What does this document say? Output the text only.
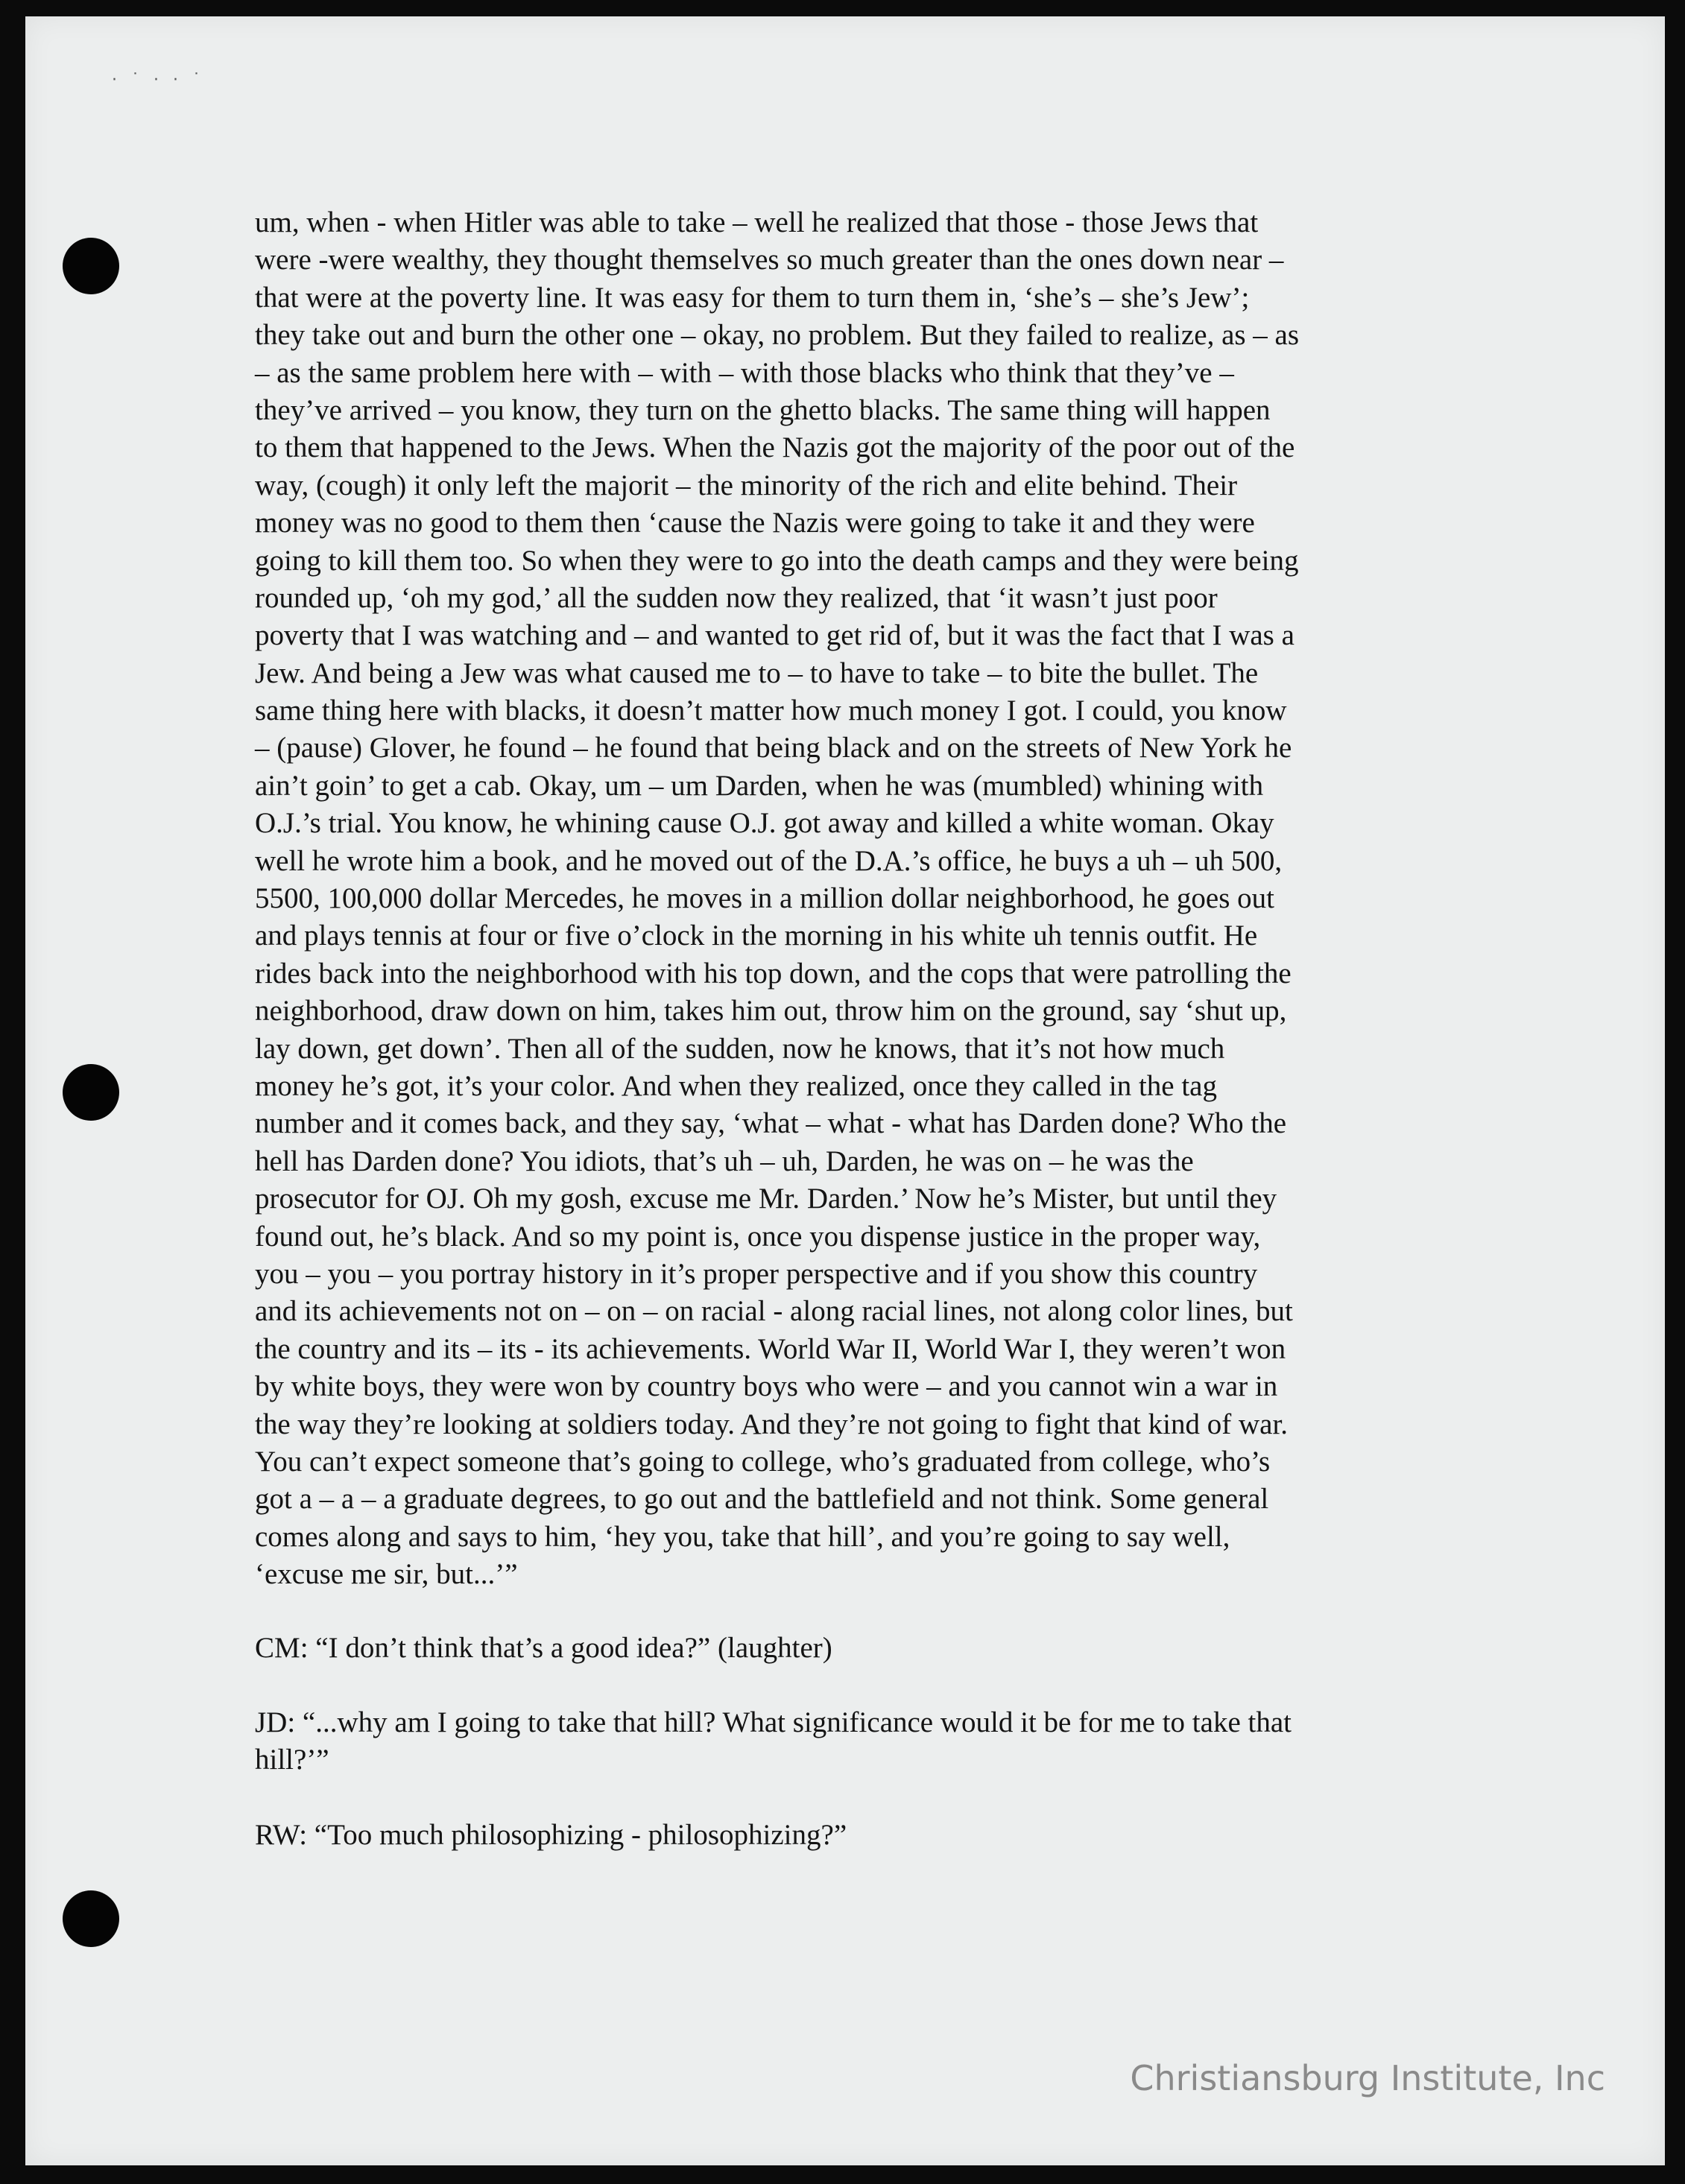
· ˙ · · ˙
um, when - when Hitler was able to take – well he realized that those - those Jews that
were -were wealthy, they thought themselves so much greater than the ones down near –
that were at the poverty line. It was easy for them to turn them in, ‘she’s – she’s Jew’;
they take out and burn the other one – okay, no problem. But they failed to realize, as – as
– as the same problem here with – with – with those blacks who think that they’ve –
they’ve arrived – you know, they turn on the ghetto blacks. The same thing will happen
to them that happened to the Jews. When the Nazis got the majority of the poor out of the
way, (cough) it only left the majorit – the minority of the rich and elite behind. Their
money was no good to them then ‘cause the Nazis were going to take it and they were
going to kill them too. So when they were to go into the death camps and they were being
rounded up, ‘oh my god,’ all the sudden now they realized, that ‘it wasn’t just poor
poverty that I was watching and – and wanted to get rid of, but it was the fact that I was a
Jew. And being a Jew was what caused me to – to have to take – to bite the bullet. The
same thing here with blacks, it doesn’t matter how much money I got. I could, you know
– (pause) Glover, he found – he found that being black and on the streets of New York he
ain’t goin’ to get a cab. Okay, um – um Darden, when he was (mumbled) whining with
O.J.’s trial. You know, he whining cause O.J. got away and killed a white woman. Okay
well he wrote him a book, and he moved out of the D.A.’s office, he buys a uh – uh 500,
5500, 100,000 dollar Mercedes, he moves in a million dollar neighborhood, he goes out
and plays tennis at four or five o’clock in the morning in his white uh tennis outfit. He
rides back into the neighborhood with his top down, and the cops that were patrolling the
neighborhood, draw down on him, takes him out, throw him on the ground, say ‘shut up,
lay down, get down’. Then all of the sudden, now he knows, that it’s not how much
money he’s got, it’s your color. And when they realized, once they called in the tag
number and it comes back, and they say, ‘what – what - what has Darden done? Who the
hell has Darden done? You idiots, that’s uh – uh, Darden, he was on – he was the
prosecutor for OJ. Oh my gosh, excuse me Mr. Darden.’ Now he’s Mister, but until they
found out, he’s black. And so my point is, once you dispense justice in the proper way,
you – you – you portray history in it’s proper perspective and if you show this country
and its achievements not on – on – on racial - along racial lines, not along color lines, but
the country and its – its - its achievements. World War II, World War I, they weren’t won
by white boys, they were won by country boys who were – and you cannot win a war in
the way they’re looking at soldiers today. And they’re not going to fight that kind of war.
You can’t expect someone that’s going to college, who’s graduated from college, who’s
got a – a – a graduate degrees, to go out and the battlefield and not think. Some general
comes along and says to him, ‘hey you, take that hill’, and you’re going to say well,
‘excuse me sir, but...’”
CM: “I don’t think that’s a good idea?” (laughter)
JD: “...why am I going to take that hill? What significance would it be for me to take that
hill?’”
RW: “Too much philosophizing - philosophizing?”
Christiansburg Institute, Inc
